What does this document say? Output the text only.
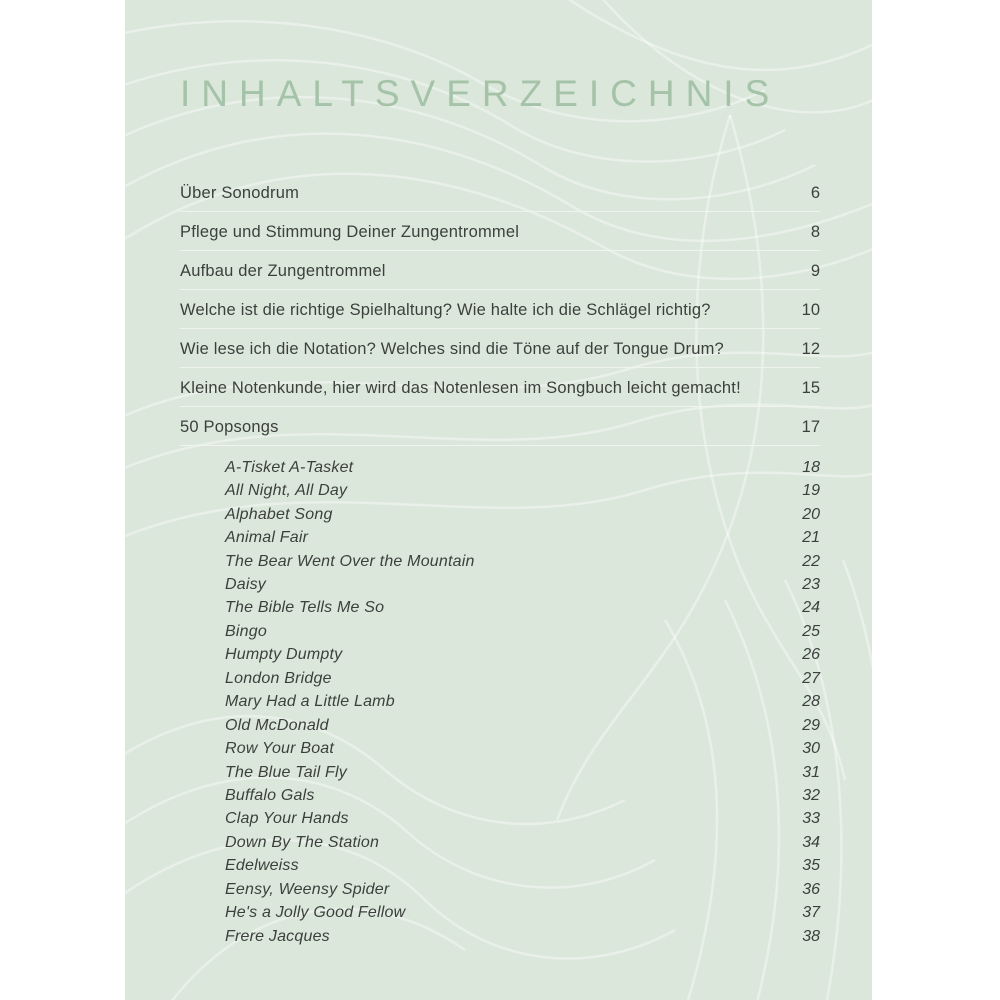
INHALTSVERZEICHNIS
Über Sonodrum	6
Pflege und Stimmung Deiner Zungentrommel	8
Aufbau der Zungentrommel	9
Welche ist die richtige Spielhaltung? Wie halte ich die Schlägel richtig?	10
Wie lese ich die Notation? Welches sind die Töne auf der Tongue Drum?	12
Kleine Notenkunde, hier wird das Notenlesen im Songbuch leicht gemacht!	15
50 Popsongs	17
A-Tisket A-Tasket	18
All Night, All Day	19
Alphabet Song	20
Animal Fair	21
The Bear Went Over the Mountain	22
Daisy	23
The Bible Tells Me So	24
Bingo	25
Humpty Dumpty	26
London Bridge	27
Mary Had a Little Lamb	28
Old McDonald	29
Row Your Boat	30
The Blue Tail Fly	31
Buffalo Gals	32
Clap Your Hands	33
Down By The Station	34
Edelweiss	35
Eensy, Weensy Spider	36
He's a Jolly Good Fellow	37
Frere Jacques	38
